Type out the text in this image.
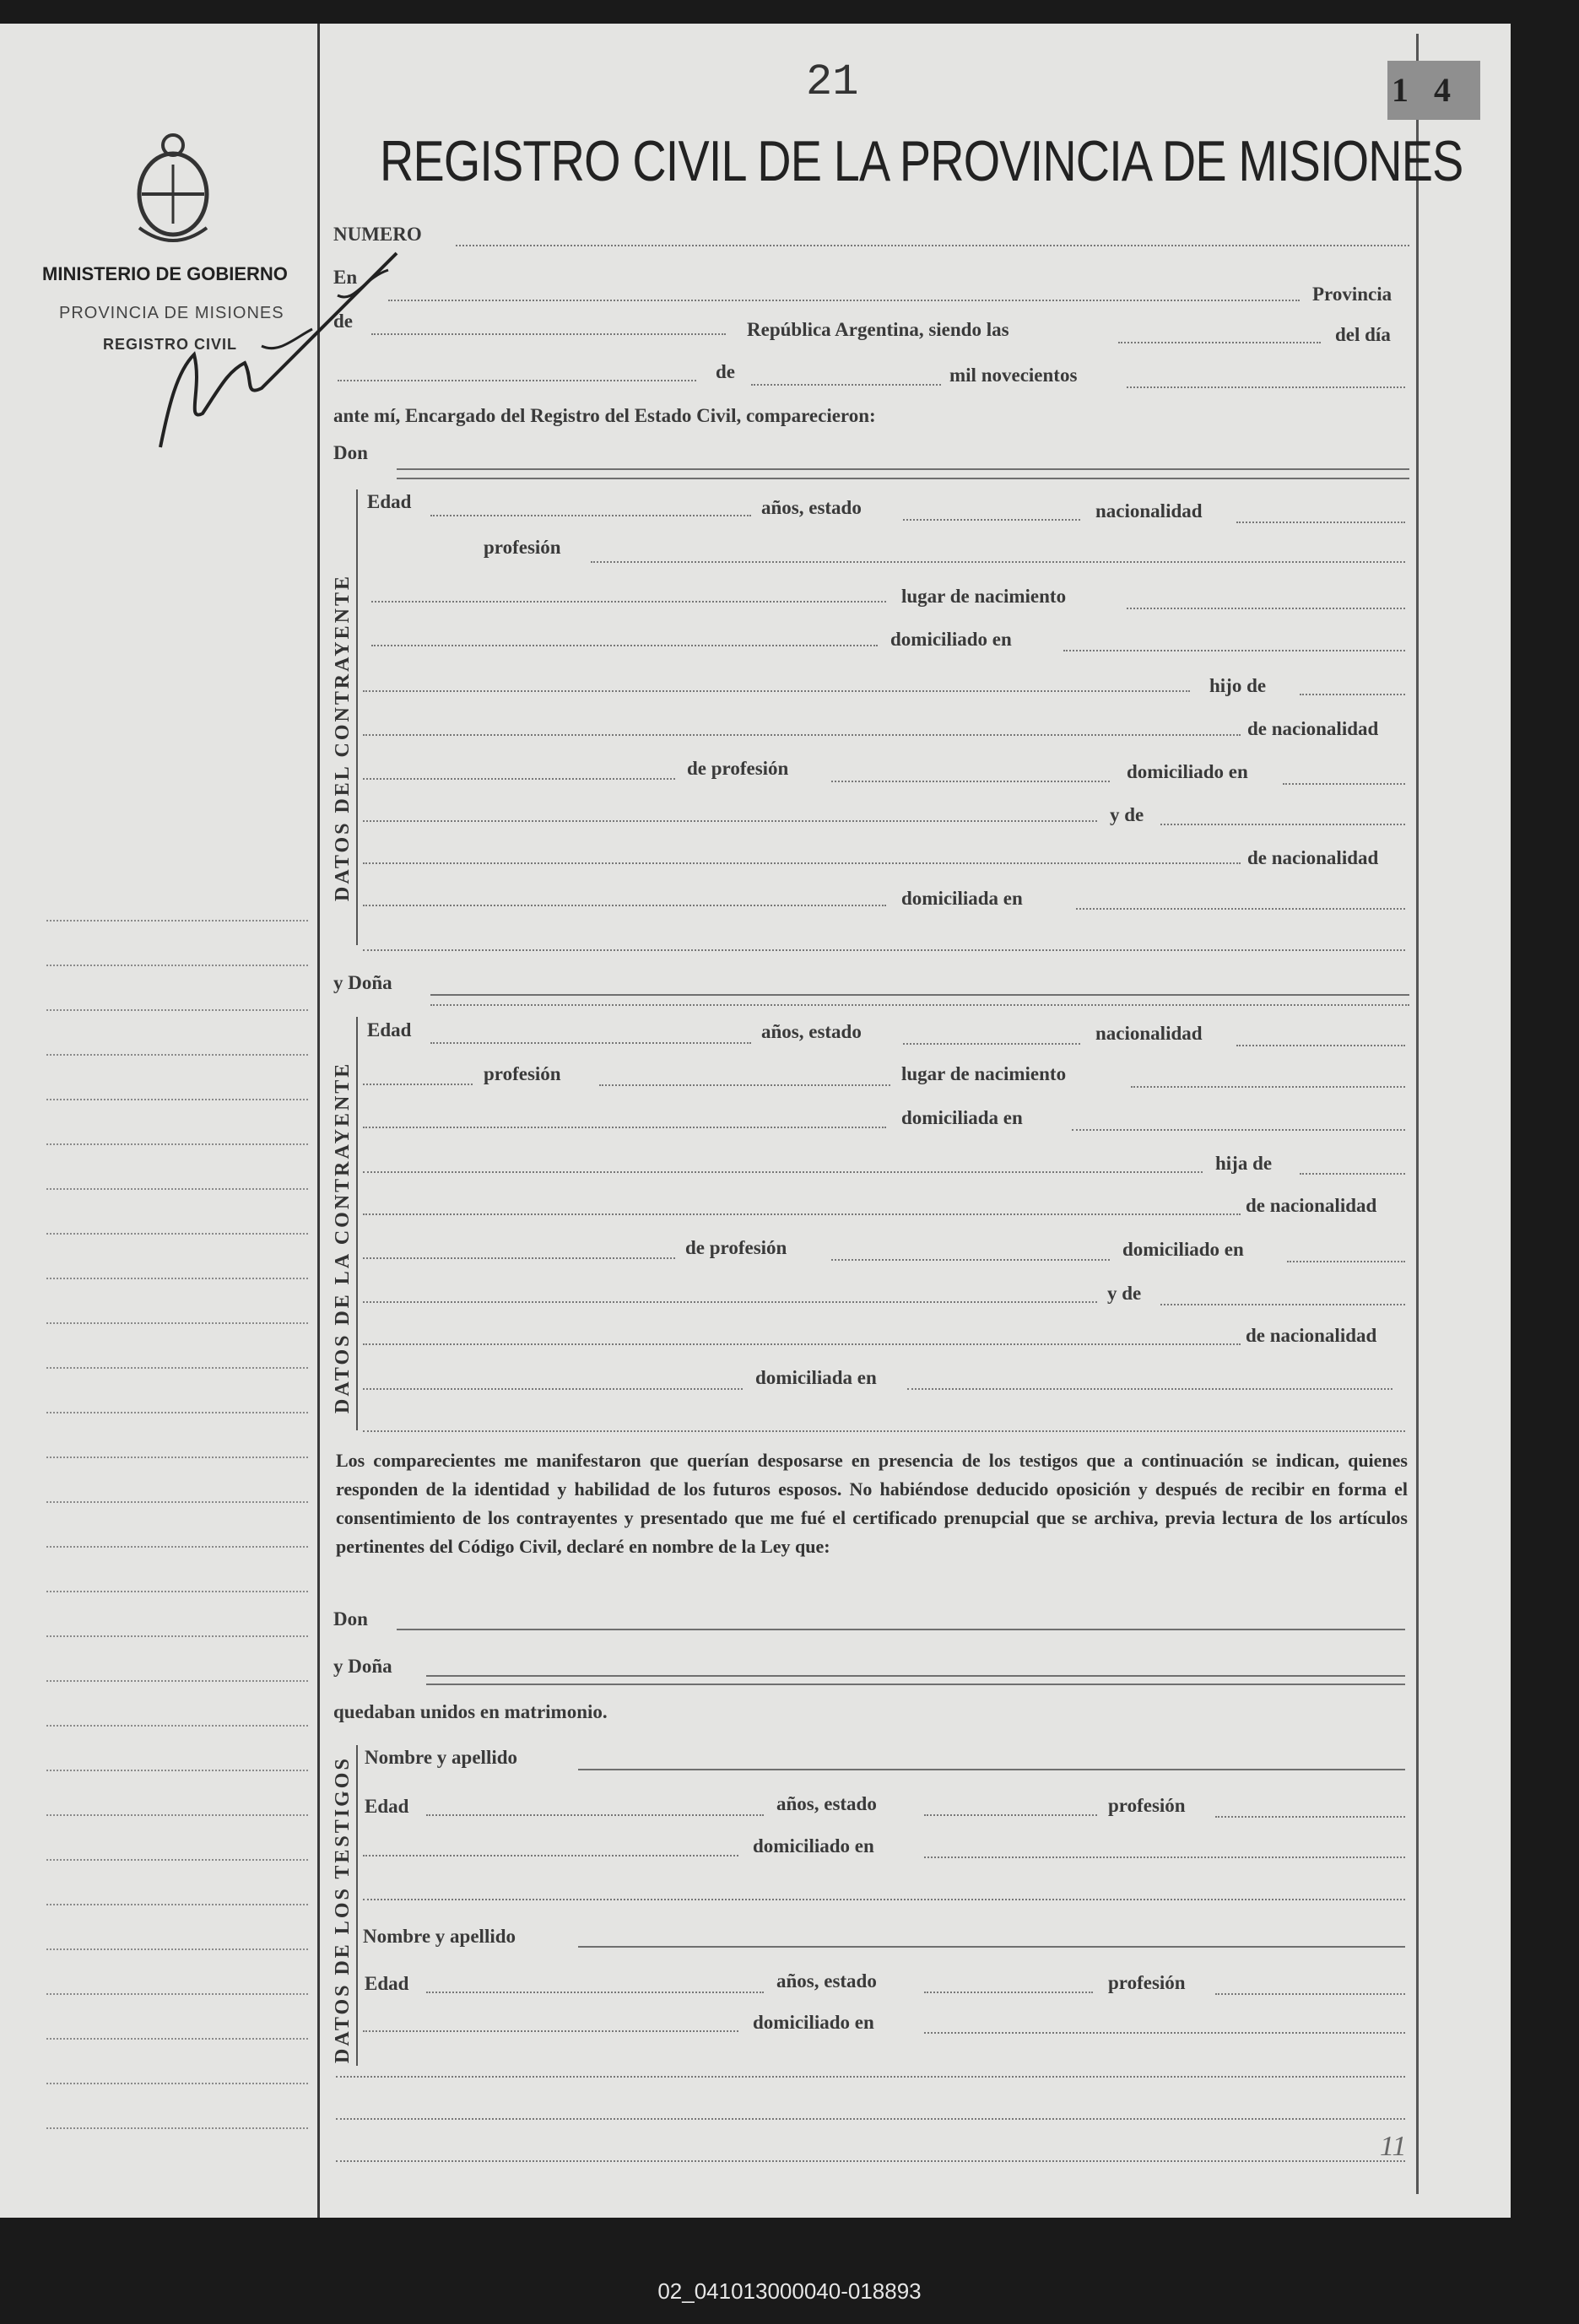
14
MINISTERIO DE GOBIERNO
PROVINCIA DE MISIONES
REGISTRO CIVIL
21
REGISTRO CIVIL DE LA PROVINCIA DE MISIONES
NUMERO
En
Provincia
de	República Argentina, siendo las	del día
de	mil novecientos
ante mí, Encargado del Registro del Estado Civil, comparecieron:
Don
DATOS DEL CONTRAYENTE
Edad	años, estado	nacionalidad
profesión
lugar de nacimiento
domiciliado en
hijo de
de nacionalidad
de profesión	domiciliado en
y de
de nacionalidad
domiciliada en
y Doña
DATOS DE LA CONTRAYENTE
Edad	años, estado	nacionalidad
profesión	lugar de nacimiento
domiciliada en
hija de
de nacionalidad
de profesión	domiciliado en
y de
de nacionalidad
domiciliada en
Los comparecientes me manifestaron que querían desposarse en presencia de los testigos que a continuación se indican, quienes responden de la identidad y habilidad de los futuros esposos. No habiéndose deducido oposición y después de recibir en forma el consentimiento de los contrayentes y presentado que me fué el certificado prenupcial que se archiva, previa lectura de los artículos pertinentes del Código Civil, declaré en nombre de la Ley que:
Don
y Doña
quedaban unidos en matrimonio.
DATOS DE LOS TESTIGOS Nombre y apellido
Edad	años, estado	profesión
domiciliado en
Nombre y apellido
Edad	años, estado	profesión
domiciliado en
11
02_041013000040-018893
